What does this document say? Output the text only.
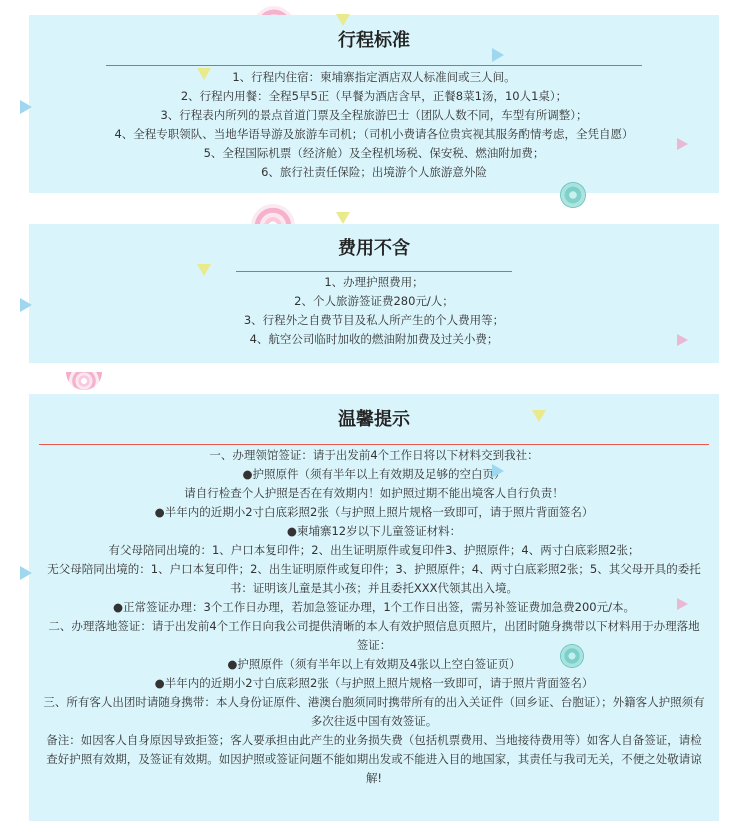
行程标准
1、行程内住宿：柬埔寨指定酒店双人标准间或三人间。
2、行程内用餐：全程5早5正（早餐为酒店含早，正餐8菜1汤，10人1桌）；
3、行程表内所列的景点首道门票及全程旅游巴士（团队人数不同，车型有所调整）；
4、全程专职领队、当地华语导游及旅游车司机；（司机小费请各位贵宾视其服务酌情考虑，全凭自愿）
5、全程国际机票（经济舱）及全程机场税、保安税、燃油附加费；
6、旅行社责任保险；出境游个人旅游意外险
费用不含
1、办理护照费用；
2、个人旅游签证费280元/人；
3、行程外之自费节目及私人所产生的个人费用等；
4、航空公司临时加收的燃油附加费及过关小费；
温馨提示
一、办理领馆签证：请于出发前4个工作日将以下材料交到我社：
●护照原件（须有半年以上有效期及足够的空白页）
请自行检查个人护照是否在有效期内！如护照过期不能出境客人自行负责！
●半年内的近期小2寸白底彩照2张（与护照上照片规格一致即可，请于照片背面签名）
●柬埔寨12岁以下儿童签证材料：
有父母陪同出境的：1、户口本复印件；2、出生证明原件或复印件3、护照原件；4、两寸白底彩照2张；
无父母陪同出境的：1、户口本复印件；2、出生证明原件或复印件；3、护照原件；4、两寸白底彩照2张；5、其父母开具的委托书：证明该儿童是其小孩；并且委托XXX代领其出入境。
●正常签证办理：3个工作日办理，若加急签证办理，1个工作日出签，需另补签证费加急费200元/本。
二、办理落地签证：请于出发前4个工作日向我公司提供清晰的本人有效护照信息页照片，出团时随身携带以下材料用于办理落地签证：
●护照原件（须有半年以上有效期及4张以上空白签证页）
●半年内的近期小2寸白底彩照2张（与护照上照片规格一致即可，请于照片背面签名）
三、所有客人出团时请随身携带：本人身份证原件、港澳台胞须同时携带所有的出入关证件（回乡证、台胞证）；外籍客人护照须有多次往返中国有效签证。
备注：如因客人自身原因导致拒签；客人要承担由此产生的业务损失费（包括机票费用、当地接待费用等）如客人自备签证，请检查好护照有效期，及签证有效期。如因护照或签证问题不能如期出发或不能进入目的地国家，其责任与我司无关，不便之处敬请谅解!
